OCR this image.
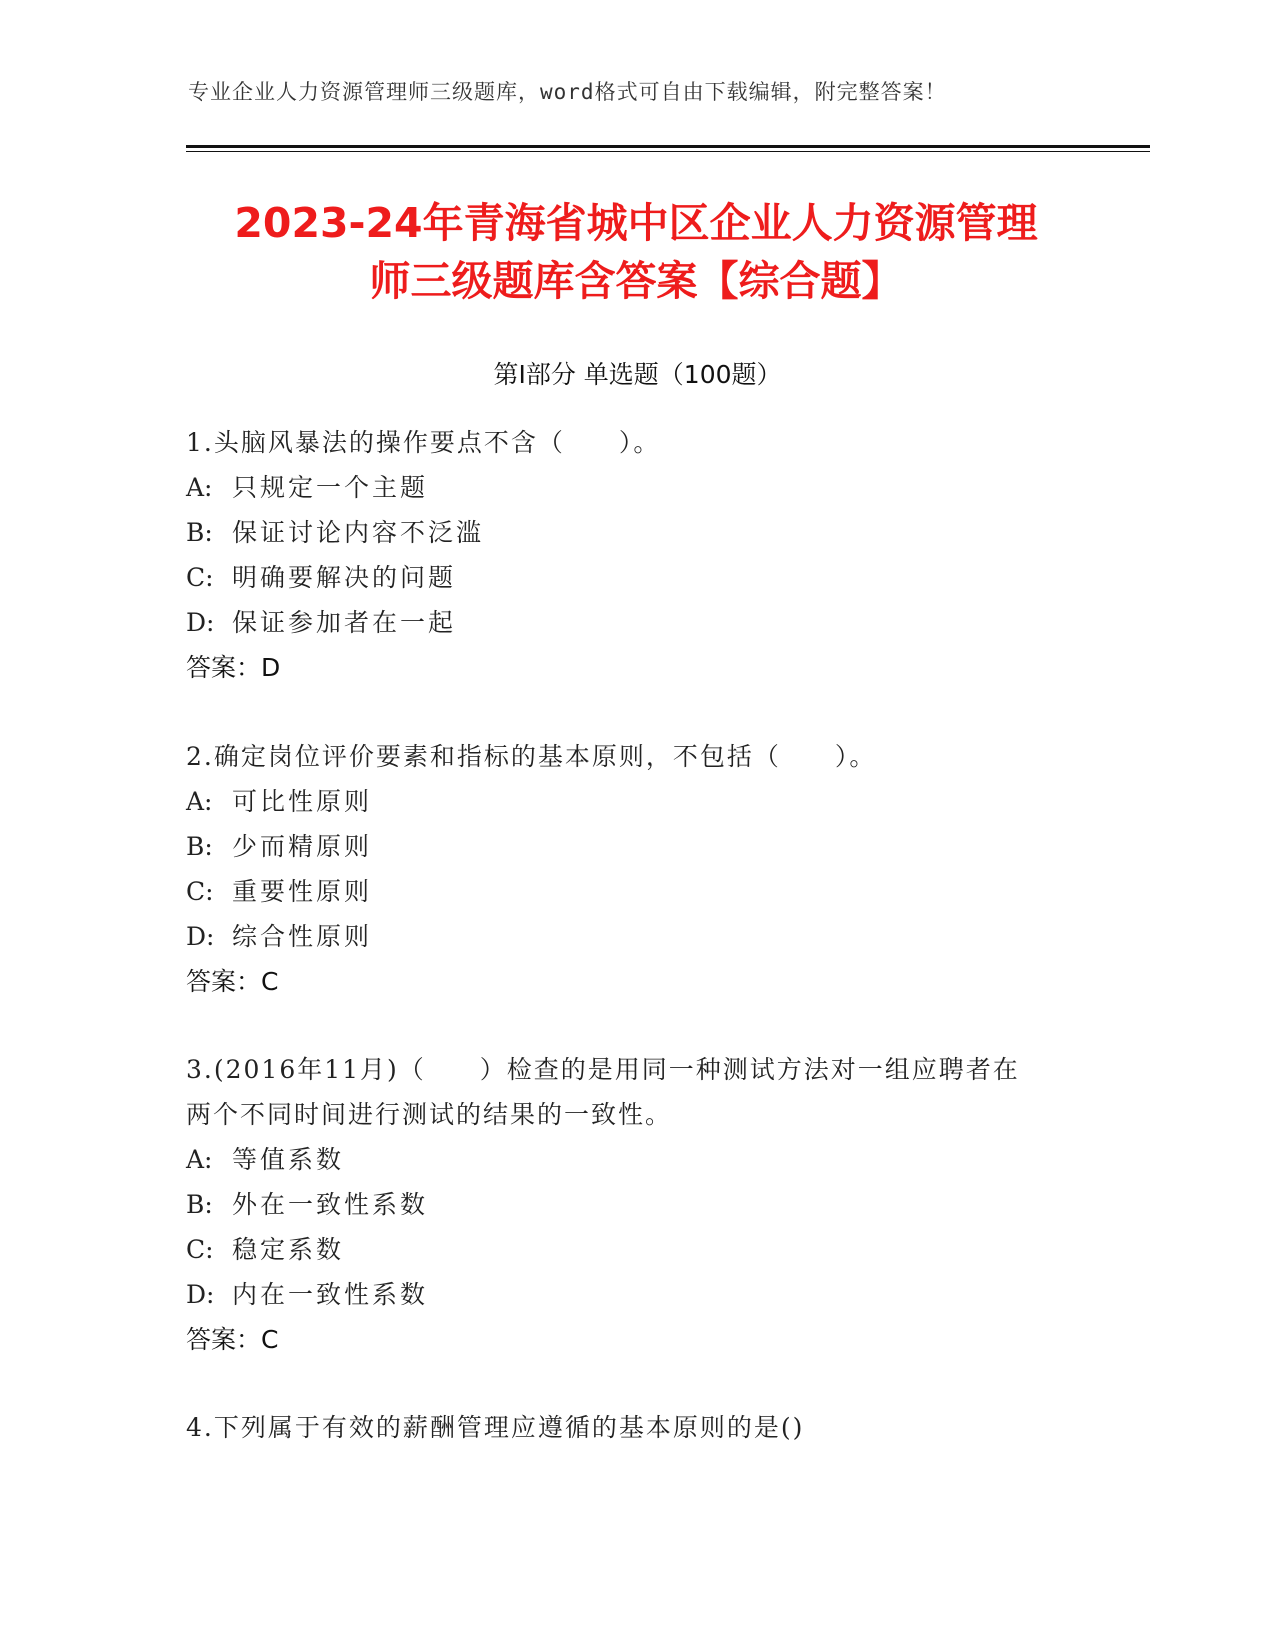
专业企业人力资源管理师三级题库，word格式可自由下载编辑，附完整答案！
2023-24年青海省城中区企业人力资源管理
师三级题库含答案【综合题】
第Ⅰ部分 单选题（100题）

1.头脑风暴法的操作要点不含（　　）。

A: 只规定一个主题

B: 保证讨论内容不泛滥

C: 明确要解决的问题

D: 保证参加者在一起

答案：D

2.确定岗位评价要素和指标的基本原则，不包括（　　）。

A: 可比性原则

B: 少而精原则

C: 重要性原则

D: 综合性原则

答案：C

3.(2016年11月)（　　）检查的是用同一种测试方法对一组应聘者在

两个不同时间进行测试的结果的一致性。

A: 等值系数

B: 外在一致性系数

C: 稳定系数

D: 内在一致性系数

答案：C

4.下列属于有效的薪酬管理应遵循的基本原则的是()
